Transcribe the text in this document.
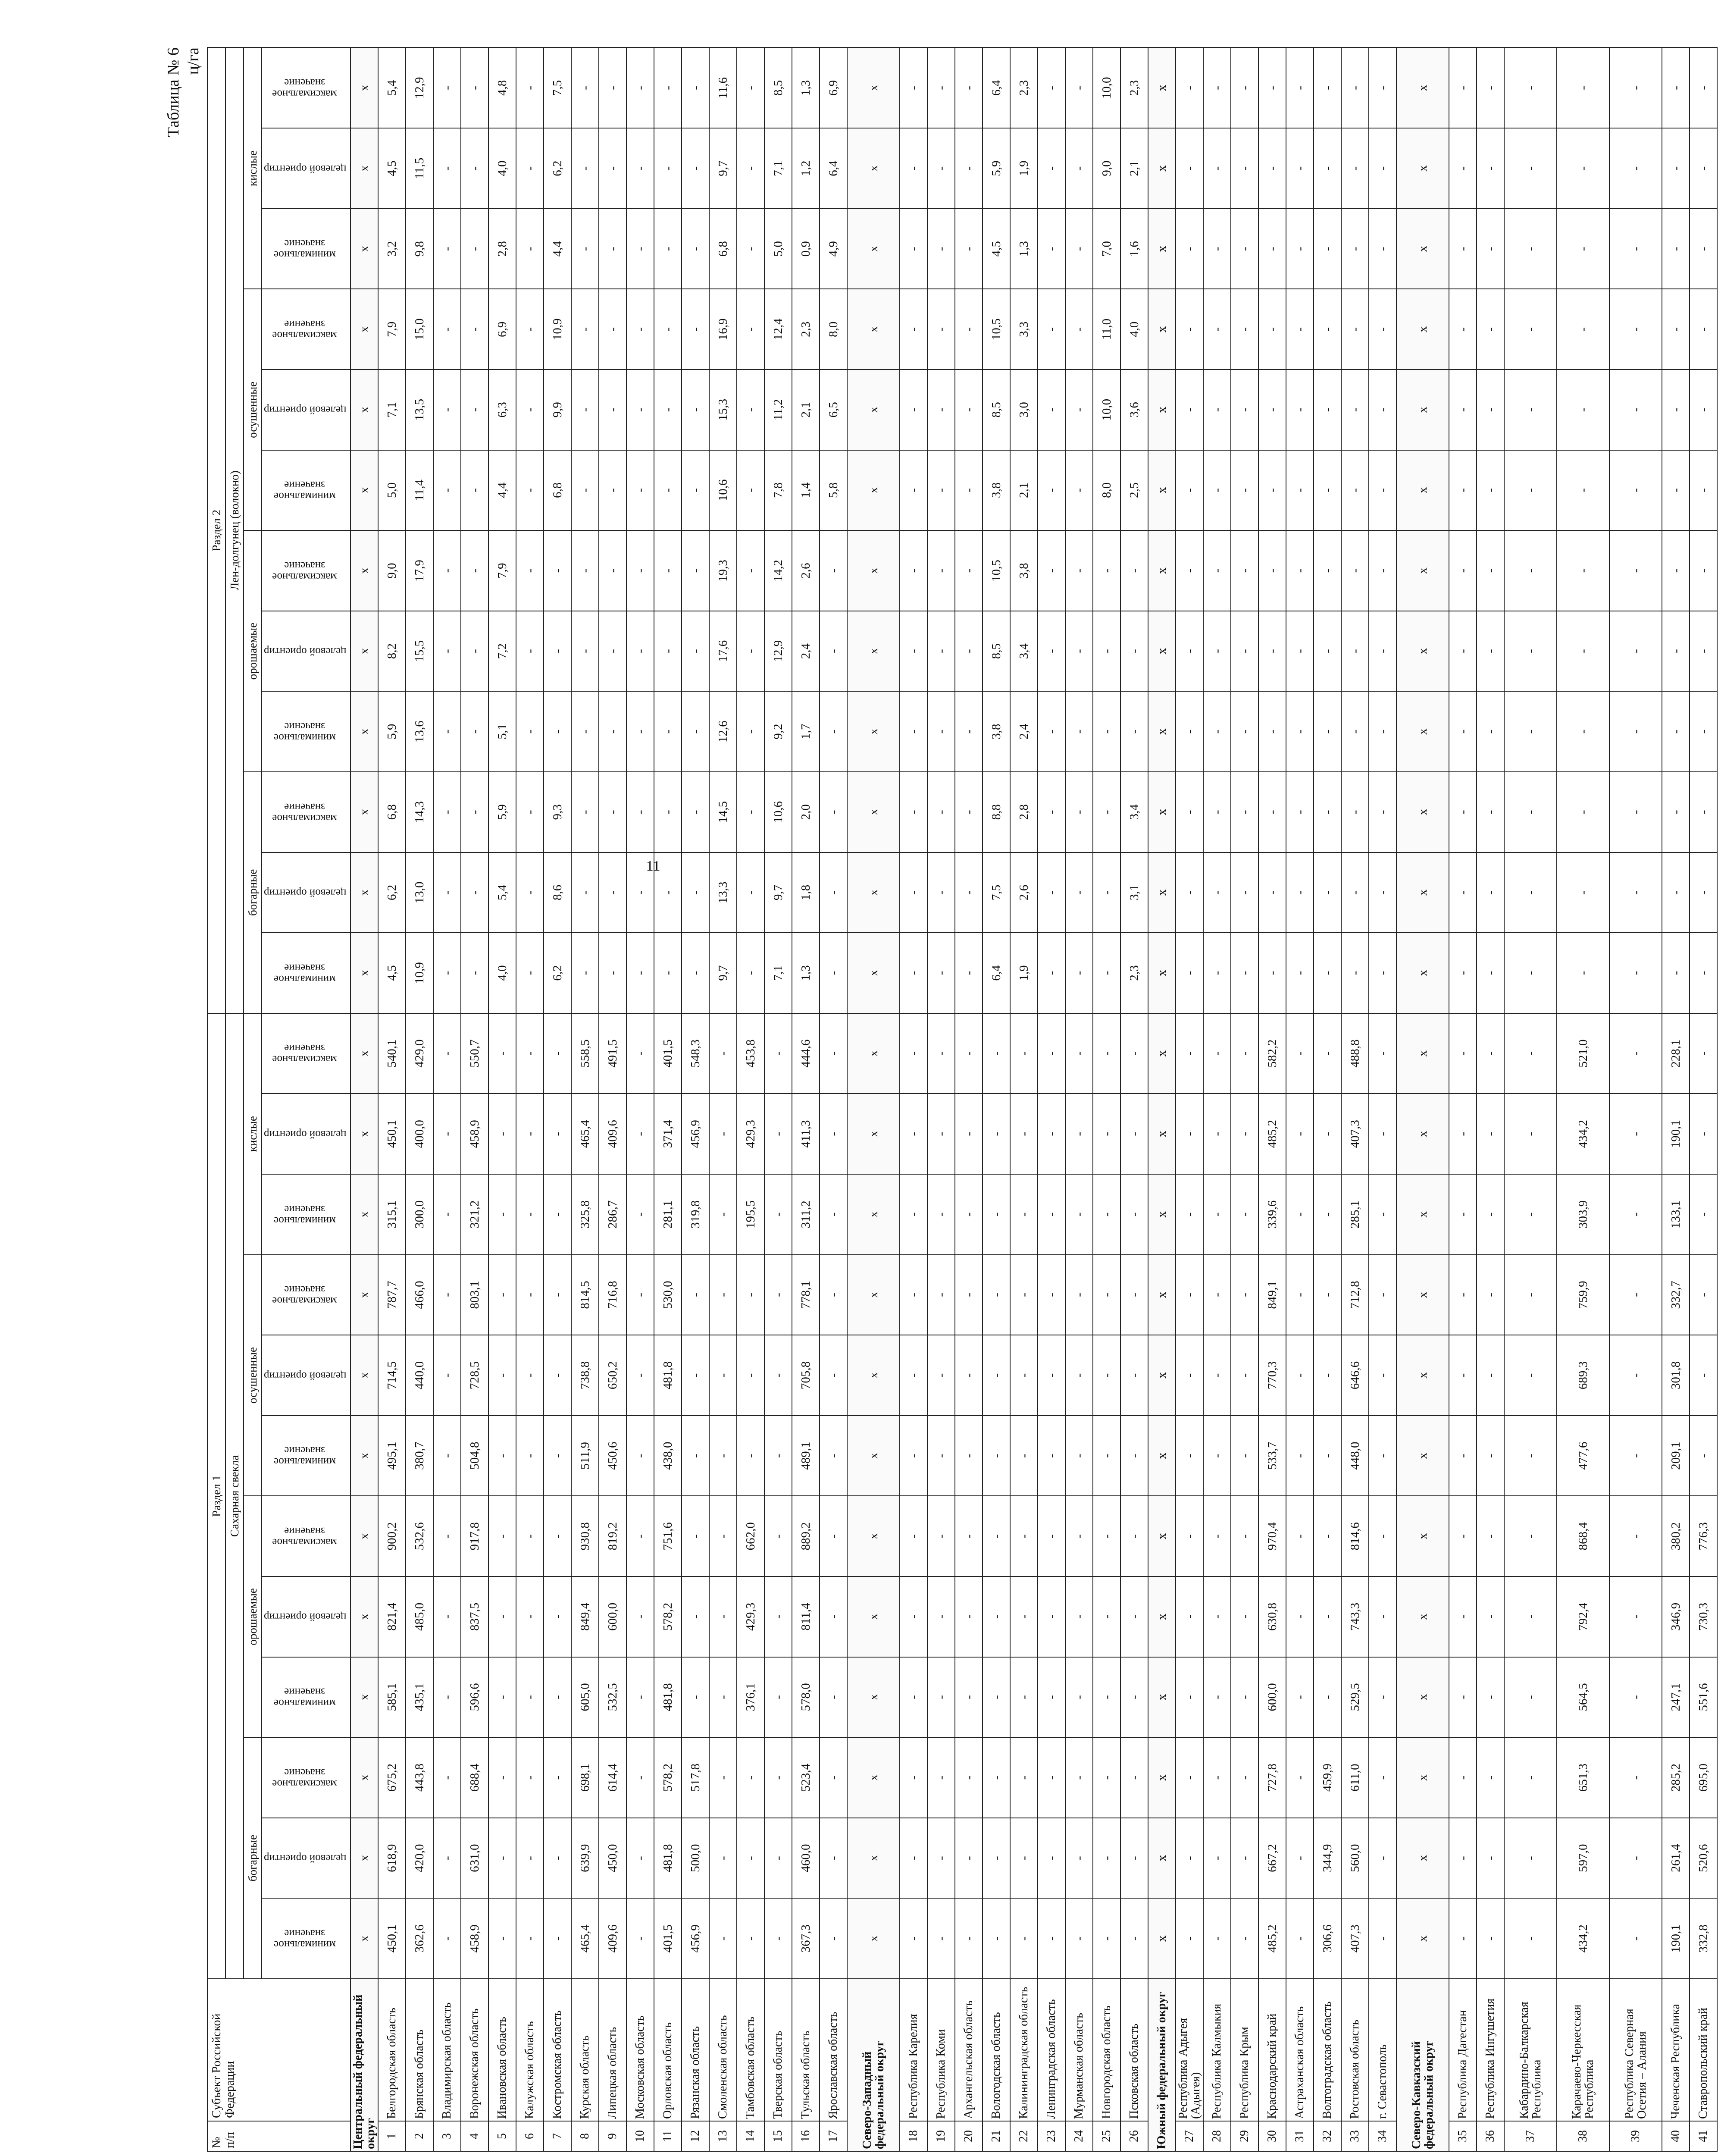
11
Таблица № 6 ц/га
№ п/п	Субъект Российской Федерации	Раздел 1												Раздел 2											
		Сахарная свекла												Лен-долгунец (волокно)											
		богарные			орошаемые			осушенные			кислые			богарные			орошаемые			осушенные			кислые		
		минимальное значение	целевой ориентир	максимальное значение	минимальное значение	целевой ориентир	максимальное значение	минимальное значение	целевой ориентир	максимальное значение	минимальное значение	целевой ориентир	максимальное значение	минимальное значение	целевой ориентир	максимальное значение	минимальное значение	целевой ориентир	максимальное значение	минимальное значение	целевой ориентир	максимальное значение	минимальное значение	целевой ориентир	максимальное значение
Центральный федеральный округ		x	x	x	x	x	x	x	x	x	x	x	x	x	x	x	x	x	x	x	x	x	x	x	x
1	Белгородская область	450,1	618,9	675,2	585,1	821,4	900,2	495,1	714,5	787,7	315,1	450,1	540,1	4,5	6,2	6,8	5,9	8,2	9,0	5,0	7,1	7,9	3,2	4,5	5,4
2	Брянская область	362,6	420,0	443,8	435,1	485,0	532,6	380,7	440,0	466,0	300,0	400,0	429,0	10,9	13,0	14,3	13,6	15,5	17,9	11,4	13,5	15,0	9,8	11,5	12,9
3	Владимирская область	-	-	-	-	-	-	-	-	-	-	-	-	-	-	-	-	-	-	-	-	-	-	-	-
4	Воронежская область	458,9	631,0	688,4	596,6	837,5	917,8	504,8	728,5	803,1	321,2	458,9	550,7	-	-	-	-	-	-	-	-	-	-	-	-
5	Ивановская область	-	-	-	-	-	-	-	-	-	-	-	-	4,0	5,4	5,9	5,1	7,2	7,9	4,4	6,3	6,9	2,8	4,0	4,8
6	Калужская область	-	-	-	-	-	-	-	-	-	-	-	-	-	-	-	-	-	-	-	-	-	-	-	-
7	Костромская область	-	-	-	-	-	-	-	-	-	-	-	-	6,2	8,6	9,3	-	-	-	6,8	9,9	10,9	4,4	6,2	7,5
8	Курская область	465,4	639,9	698,1	605,0	849,4	930,8	511,9	738,8	814,5	325,8	465,4	558,5	-	-	-	-	-	-	-	-	-	-	-	-
9	Липецкая область	409,6	450,0	614,4	532,5	600,0	819,2	450,6	650,2	716,8	286,7	409,6	491,5	-	-	-	-	-	-	-	-	-	-	-	-
10	Московская область	-	-	-	-	-	-	-	-	-	-	-	-	-	-	-	-	-	-	-	-	-	-	-	-
11	Орловская область	401,5	481,8	578,2	481,8	578,2	751,6	438,0	481,8	530,0	281,1	371,4	401,5	-	-	-	-	-	-	-	-	-	-	-	-
12	Рязанская область	456,9	500,0	517,8	-	-	-	-	-	-	319,8	456,9	548,3	-	-	-	-	-	-	-	-	-	-	-	-
13	Смоленская область	-	-	-	-	-	-	-	-	-	-	-	-	9,7	13,3	14,5	12,6	17,6	19,3	10,6	15,3	16,9	6,8	9,7	11,6
14	Тамбовская область	-	-	-	376,1	429,3	662,0	-	-	-	195,5	429,3	453,8	-	-	-	-	-	-	-	-	-	-	-	-
15	Тверская область	-	-	-	-	-	-	-	-	-	-	-	-	7,1	9,7	10,6	9,2	12,9	14,2	7,8	11,2	12,4	5,0	7,1	8,5
16	Тульская область	367,3	460,0	523,4	578,0	811,4	889,2	489,1	705,8	778,1	311,2	411,3	444,6	1,3	1,8	2,0	1,7	2,4	2,6	1,4	2,1	2,3	0,9	1,2	1,3
17	Ярославская область	-	-	-	-	-	-	-	-	-	-	-	-	-	-	-	-	-	-	5,8	6,5	8,0	4,9	6,4	6,9
Северо-Западный федеральный округ		x	x	x	x	x	x	x	x	x	x	x	x	x	x	x	x	x	x	x	x	x	x	x	x
18	Республика Карелия	-	-	-	-	-	-	-	-	-	-	-	-	-	-	-	-	-	-	-	-	-	-	-	-
19	Республика Коми	-	-	-	-	-	-	-	-	-	-	-	-	-	-	-	-	-	-	-	-	-	-	-	-
20	Архангельская область	-	-	-	-	-	-	-	-	-	-	-	-	-	-	-	-	-	-	-	-	-	-	-	-
21	Вологодская область	-	-	-	-	-	-	-	-	-	-	-	-	6,4	7,5	8,8	3,8	8,5	10,5	3,8	8,5	10,5	4,5	5,9	6,4
22	Калининградская область	-	-	-	-	-	-	-	-	-	-	-	-	1,9	2,6	2,8	2,4	3,4	3,8	2,1	3,0	3,3	1,3	1,9	2,3
23	Ленинградская область	-	-	-	-	-	-	-	-	-	-	-	-	-	-	-	-	-	-	-	-	-	-	-	-
24	Мурманская область	-	-	-	-	-	-	-	-	-	-	-	-	-	-	-	-	-	-	-	-	-	-	-	-
25	Новгородская область	-	-	-	-	-	-	-	-	-	-	-	-	-	-	-	-	-	-	8,0	10,0	11,0	7,0	9,0	10,0
26	Псковская область	-	-	-	-	-	-	-	-	-	-	-	-	2,3	3,1	3,4	-	-	-	2,5	3,6	4,0	1,6	2,1	2,3
Южный федеральный округ		x	x	x	x	x	x	x	x	x	x	x	x	x	x	x	x	x	x	x	x	x	x	x	x
27	Республика Адыгея (Адыгея)	-	-	-	-	-	-	-	-	-	-	-	-	-	-	-	-	-	-	-	-	-	-	-	-
28	Республика Калмыкия	-	-	-	-	-	-	-	-	-	-	-	-	-	-	-	-	-	-	-	-	-	-	-	-
29	Республика Крым	-	-	-	-	-	-	-	-	-	-	-	-	-	-	-	-	-	-	-	-	-	-	-	-
30	Краснодарский край	485,2	667,2	727,8	600,0	630,8	970,4	533,7	770,3	849,1	339,6	485,2	582,2	-	-	-	-	-	-	-	-	-	-	-	-
31	Астраханская область	-	-	-	-	-	-	-	-	-	-	-	-	-	-	-	-	-	-	-	-	-	-	-	-
32	Волгоградская область	306,6	344,9	459,9	-	-	-	-	-	-	-	-	-	-	-	-	-	-	-	-	-	-	-	-	-
33	Ростовская область	407,3	560,0	611,0	529,5	743,3	814,6	448,0	646,6	712,8	285,1	407,3	488,8	-	-	-	-	-	-	-	-	-	-	-	-
34	г. Севастополь	-	-	-	-	-	-	-	-	-	-	-	-	-	-	-	-	-	-	-	-	-	-	-	-
Северо-Кавказский федеральный округ		x	x	x	x	x	x	x	x	x	x	x	x	x	x	x	x	x	x	x	x	x	x	x	x
35	Республика Дагестан	-	-	-	-	-	-	-	-	-	-	-	-	-	-	-	-	-	-	-	-	-	-	-	-
36	Республика Ингушетия	-	-	-	-	-	-	-	-	-	-	-	-	-	-	-	-	-	-	-	-	-	-	-	-
37	Кабардино-Балкарская Республика	-	-	-	-	-	-	-	-	-	-	-	-	-	-	-	-	-	-	-	-	-	-	-	-
38	Карачаево-Черкесская Республика	434,2	597,0	651,3	564,5	792,4	868,4	477,6	689,3	759,9	303,9	434,2	521,0	-	-	-	-	-	-	-	-	-	-	-	-
39	Республика Северная Осетия – Алания	-	-	-	-	-	-	-	-	-	-	-	-	-	-	-	-	-	-	-	-	-	-	-	-
40	Чеченская Республика	190,1	261,4	285,2	247,1	346,9	380,2	209,1	301,8	332,7	133,1	190,1	228,1	-	-	-	-	-	-	-	-	-	-	-	-
41	Ставропольский край	332,8	520,6	695,0	551,6	730,3	776,3	-	-	-	-	-	-	-	-	-	-	-	-	-	-	-	-	-	-
